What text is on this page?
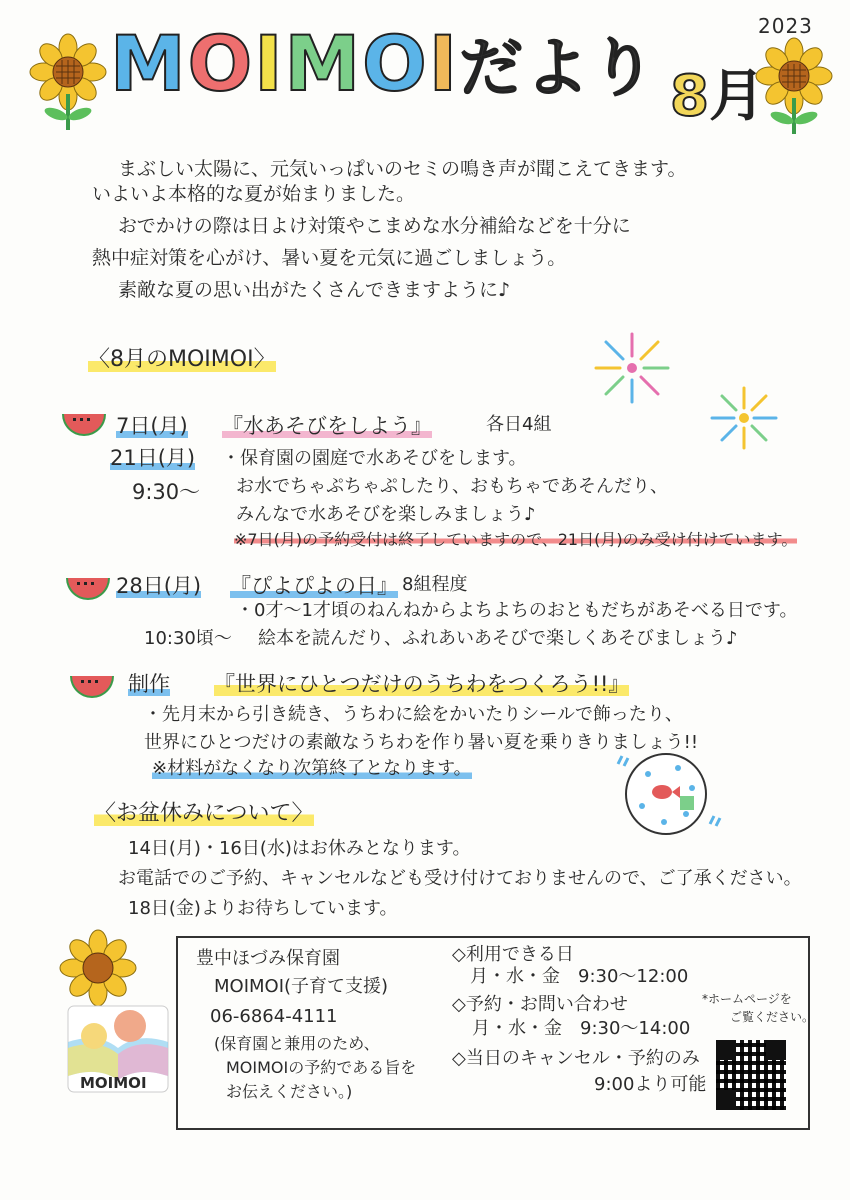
2023
MOIMOIだより 8月
まぶしい太陽に、元気いっぱいのセミの鳴き声が聞こえてきます。
いよいよ本格的な夏が始まりました。
おでかけの際は日よけ対策やこまめな水分補給などを十分に
熱中症対策を心がけ、暑い夏を元気に過ごしましょう。
素敵な夏の思い出がたくさんできますように♪
〈8月のMOIMOI〉
7日(月)
21日(月)
9:30～
『水あそびをしよう』	各日4組
・保育園の園庭で水あそびをします。
お水でちゃぷちゃぷしたり、おもちゃであそんだり、
みんなで水あそびを楽しみましょう♪
※7日(月)の予約受付は終了していますので、21日(月)のみ受け付けています。
28日(月) 『ぴよぴよの日』 8組程度
・0才～1才頃のねんねからよちよちのおともだちがあそべる日です。
絵本を読んだり、ふれあいあそびで楽しくあそびましょう♪
10:30頃～
制作 『世界にひとつだけのうちわをつくろう!!』
・先月末から引き続き、うちわに絵をかいたりシールで飾ったり、
世界にひとつだけの素敵なうちわを作り暑い夏を乗りきりましょう!!
※材料がなくなり次第終了となります。
〈お盆休みについて〉
14日(月)・16日(水)はお休みとなります。
お電話でのご予約、キャンセルなども受け付けておりませんので、ご了承ください。
18日(金)よりお待ちしています。
MOIMOI
豊中ほづみ保育園
MOIMOI(子育て支援)
06-6864-4111
(保育園と兼用のため、
MOIMOIの予約である旨を
お伝えください。)
◇利用できる日
月・水・金　9:30～12:00
◇予約・お問い合わせ
月・水・金　9:30～14:00
◇当日のキャンセル・予約のみ
9:00より可能
*ホームページを
ご覧ください。
